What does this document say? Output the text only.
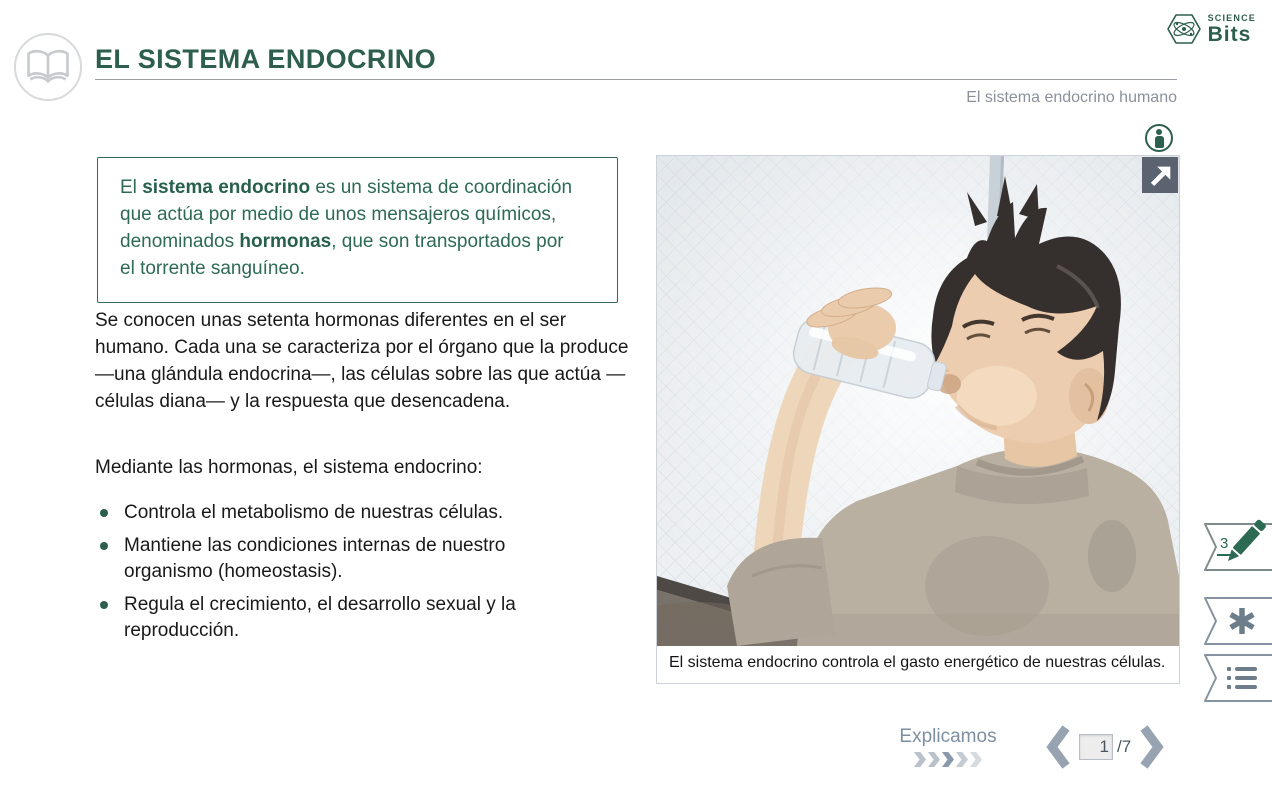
EL SISTEMA ENDOCRINO
SCIENCE
Bits
El sistema endocrino humano
El sistema endocrino es un sistema de coordinación que actúa por medio de unos mensajeros químicos, denominados hormonas, que son transportados por el torrente sanguíneo.

Se conocen unas setenta hormonas diferentes en el ser humano. Cada una se caracteriza por el órgano que la produce —una glándula endocrina—, las células sobre las que actúa —células diana— y la respuesta que desencadena.

Mediante las hormonas, el sistema endocrino:

Controla el metabolismo de nuestras células.
Mantiene las condiciones internas de nuestro organismo (homeostasis).
Regula el crecimiento, el desarrollo sexual y la reproducción.
El sistema endocrino controla el gasto energético de nuestras células.
3
Explicamos
1	/7
